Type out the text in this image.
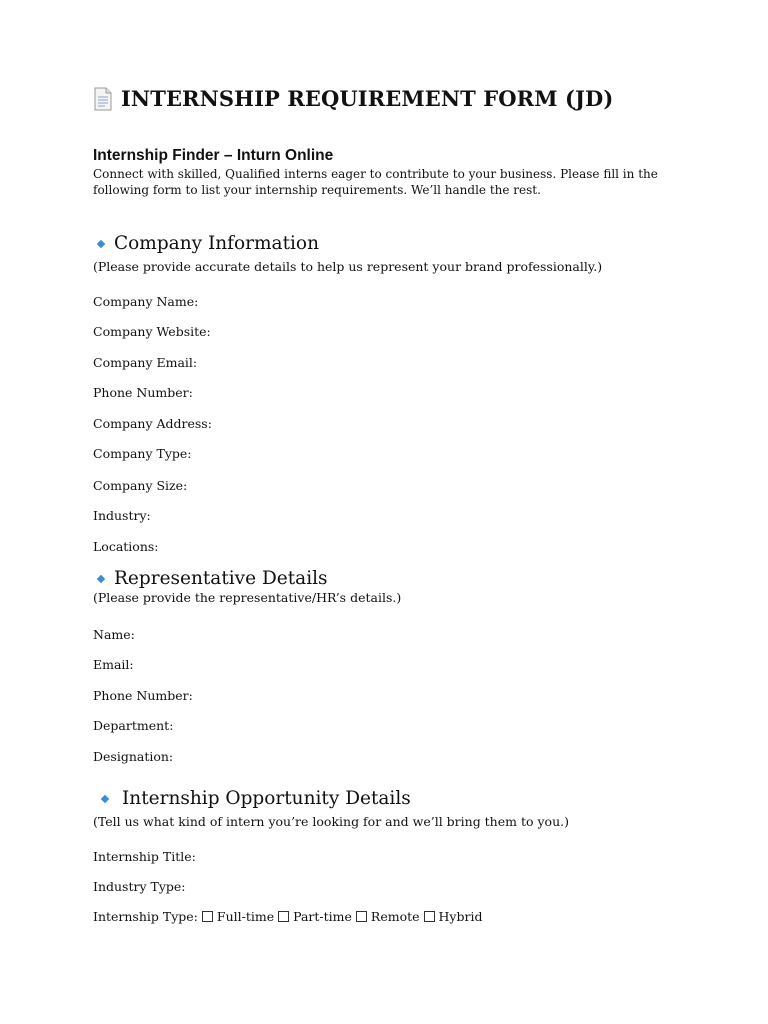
INTERNSHIP REQUIREMENT FORM (JD)
Internship Finder – Inturn Online
Connect with skilled, Qualified interns eager to contribute to your business. Please fill in the following form to list your internship requirements. We’ll handle the rest.
Company Information
(Please provide accurate details to help us represent your brand professionally.)
Company Name:
Company Website:
Company Email:
Phone Number:
Company Address:
Company Type:
Company Size:
Industry:
Locations:
Representative Details
(Please provide the representative/HR’s details.)
Name:
Email:
Phone Number:
Department:
Designation:
Internship Opportunity Details
(Tell us what kind of intern you’re looking for and we’ll bring them to you.)
Internship Title:
Industry Type:
Internship Type: Full-time Part-time Remote Hybrid
